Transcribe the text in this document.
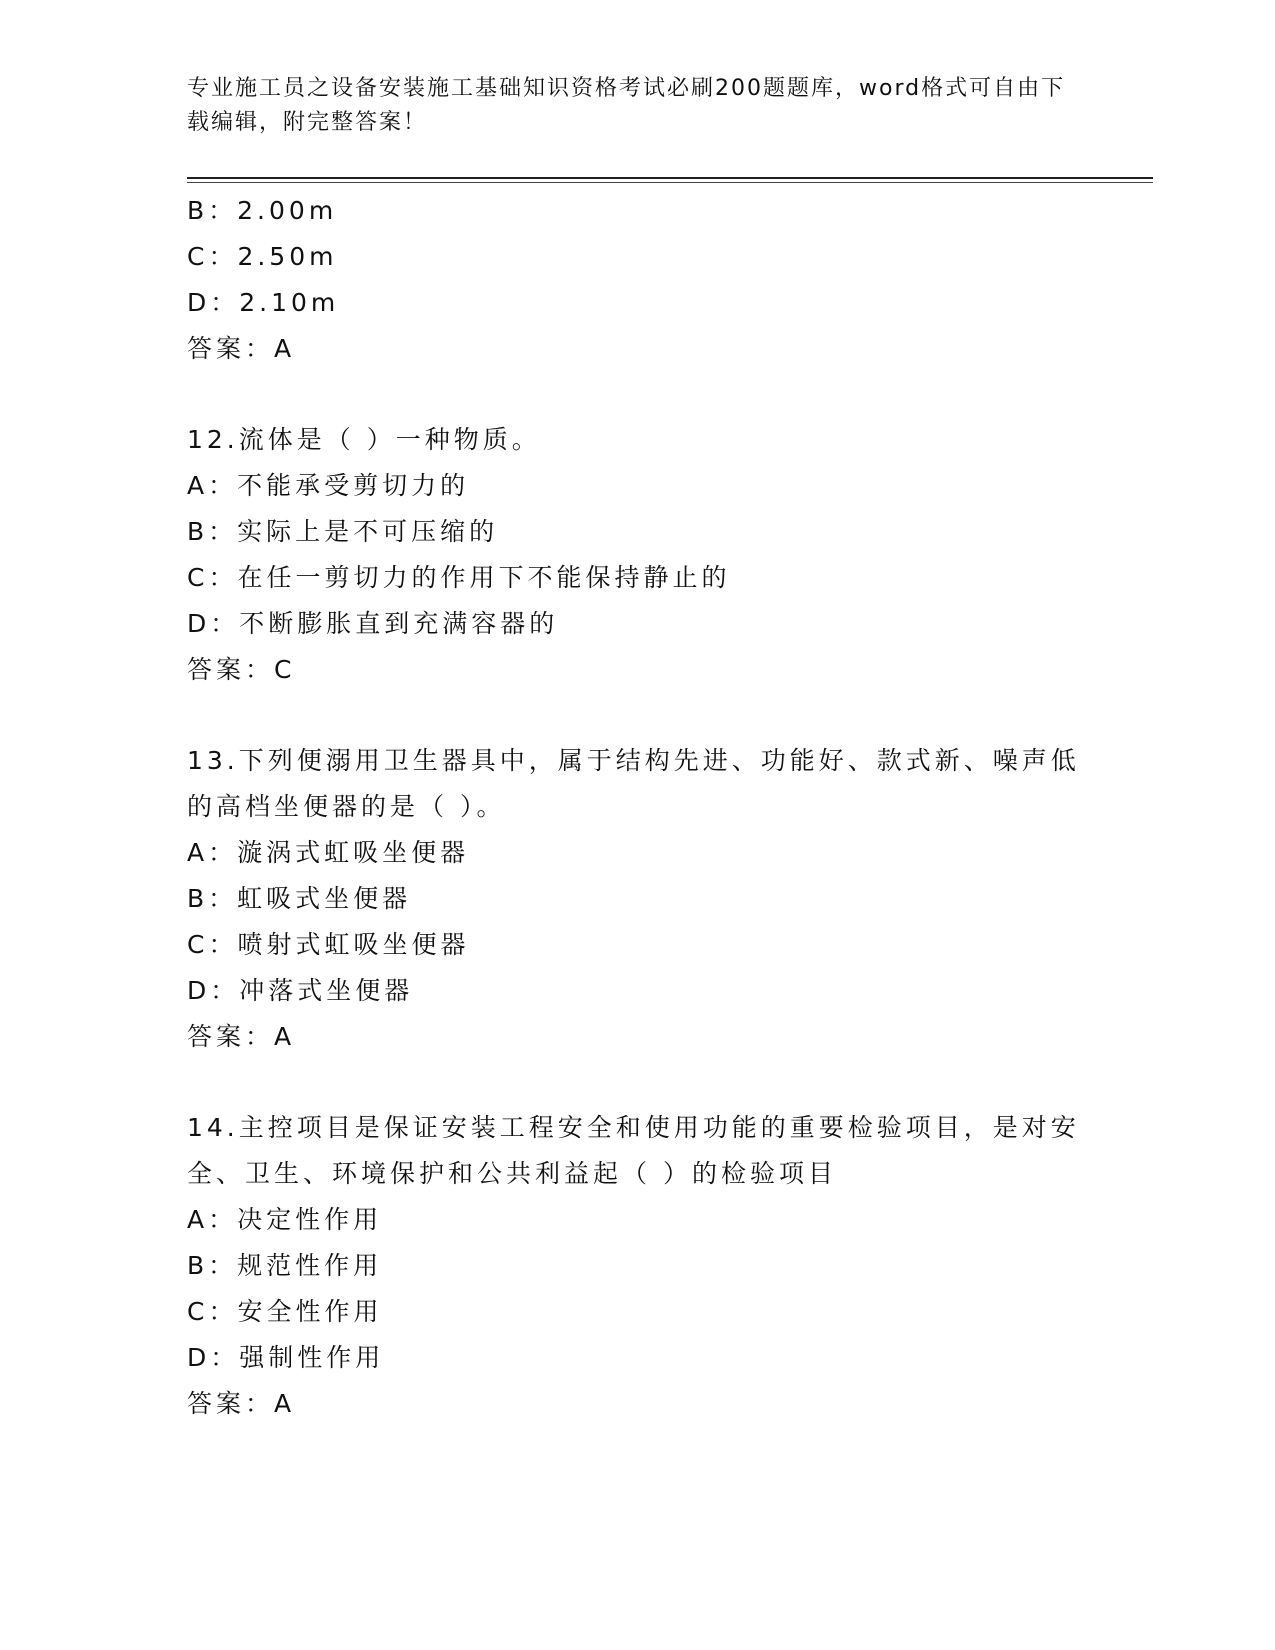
专业施工员之设备安装施工基础知识资格考试必刷200题题库，word格式可自由下载编辑，附完整答案！
B：2.00m
C：2.50m
D：2.10m
答案：A
12.流体是（ ）一种物质。
A：不能承受剪切力的
B：实际上是不可压缩的
C：在任一剪切力的作用下不能保持静止的
D：不断膨胀直到充满容器的
答案：C
13.下列便溺用卫生器具中，属于结构先进、功能好、款式新、噪声低的高档坐便器的是（ ）。
A：漩涡式虹吸坐便器
B：虹吸式坐便器
C：喷射式虹吸坐便器
D：冲落式坐便器
答案：A
14.主控项目是保证安装工程安全和使用功能的重要检验项目，是对安全、卫生、环境保护和公共利益起（ ）的检验项目
A：决定性作用
B：规范性作用
C：安全性作用
D：强制性作用
答案：A
